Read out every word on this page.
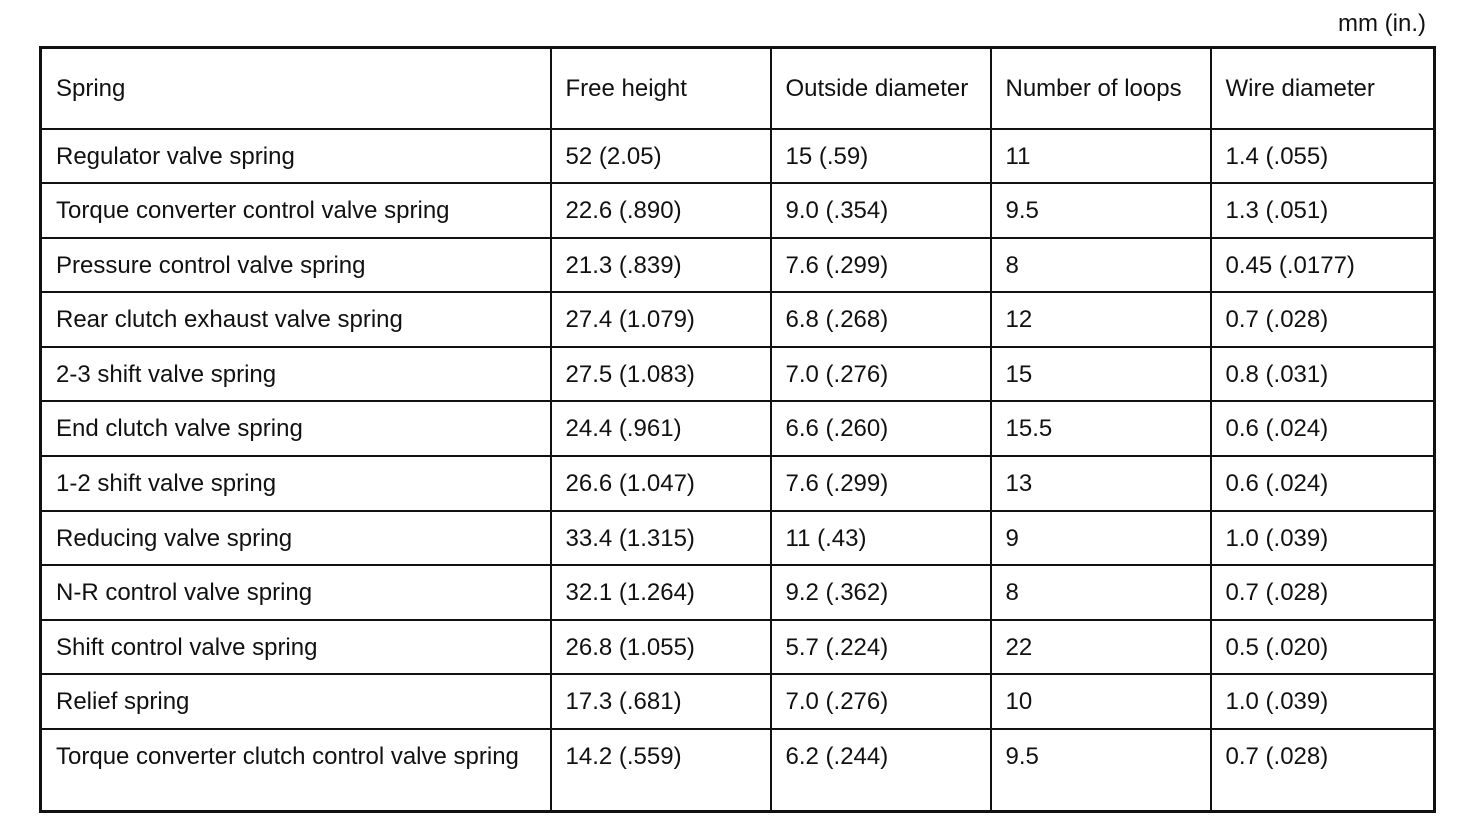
mm (in.)
Spring	Free height	Outside diameter	Number of loops	Wire diameter
Regulator valve spring	52 (2.05)	15 (.59)	11	1.4 (.055)
Torque converter control valve spring	22.6 (.890)	9.0 (.354)	9.5	1.3 (.051)
Pressure control valve spring	21.3 (.839)	7.6 (.299)	8	0.45 (.0177)
Rear clutch exhaust valve spring	27.4 (1.079)	6.8 (.268)	12	0.7 (.028)
2-3 shift valve spring	27.5 (1.083)	7.0 (.276)	15	0.8 (.031)
End clutch valve spring	24.4 (.961)	6.6 (.260)	15.5	0.6 (.024)
1-2 shift valve spring	26.6 (1.047)	7.6 (.299)	13	0.6 (.024)
Reducing valve spring	33.4 (1.315)	11 (.43)	9	1.0 (.039)
N-R control valve spring	32.1 (1.264)	9.2 (.362)	8	0.7 (.028)
Shift control valve spring	26.8 (1.055)	5.7 (.224)	22	0.5 (.020)
Relief spring	17.3 (.681)	7.0 (.276)	10	1.0 (.039)
Torque converter clutch control valve spring	14.2 (.559)	6.2 (.244)	9.5	0.7 (.028)
